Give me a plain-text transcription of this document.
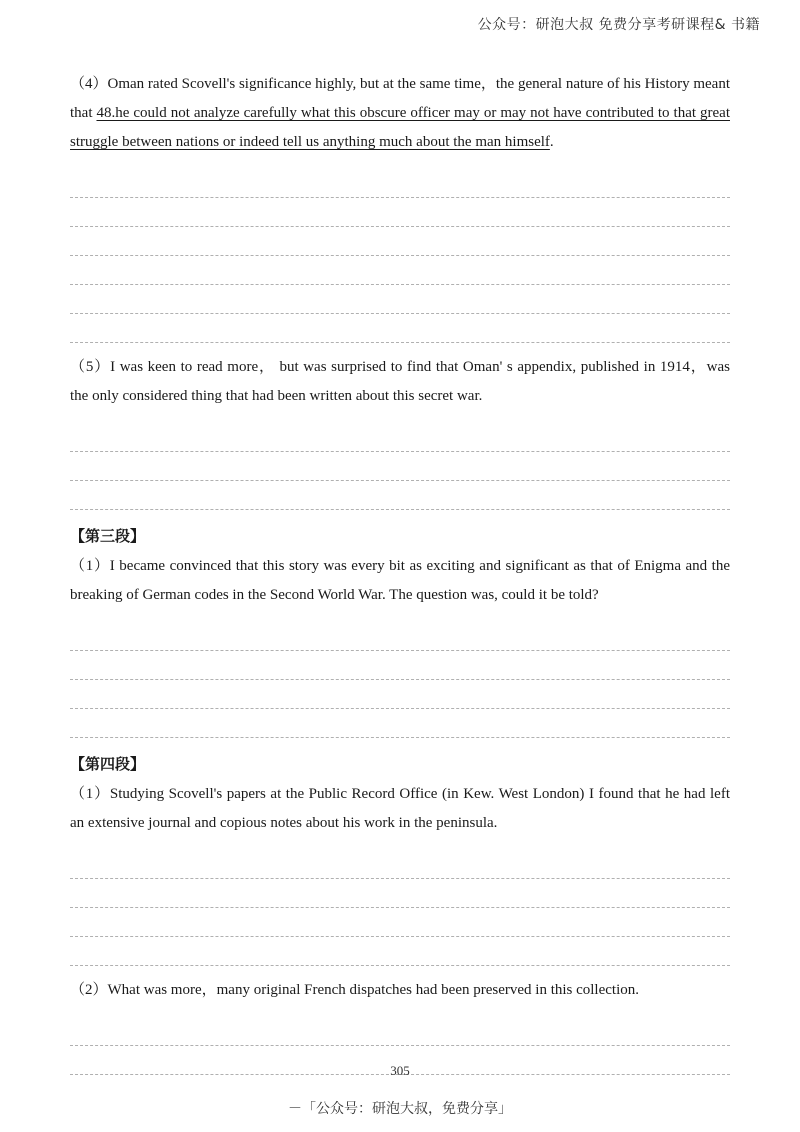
公众号：研泡大叔 免费分享考研课程& 书籍

（4）Oman rated Scovell's significance highly, but at the same time，the general nature of his History meant that 48.he could not analyze carefully what this obscure officer may or may not have contributed to that great struggle between nations or indeed tell us anything much about the man himself.

（5）I was keen to read more， but was surprised to find that Oman' s appendix, published in 1914，was the only considered thing that had been written about this secret war.

【第三段】

（1）I became convinced that this story was every bit as exciting and significant as that of Enigma and the breaking of German codes in the Second World War. The question was, could it be told?

【第四段】

（1）Studying Scovell's papers at the Public Record Office (in Kew. West London) I found that he had left an extensive journal and copious notes about his work in the peninsula.

（2）What was more，many original French dispatches had been preserved in this collection.

305
－「公众号：研泡大叔，免费分享」
